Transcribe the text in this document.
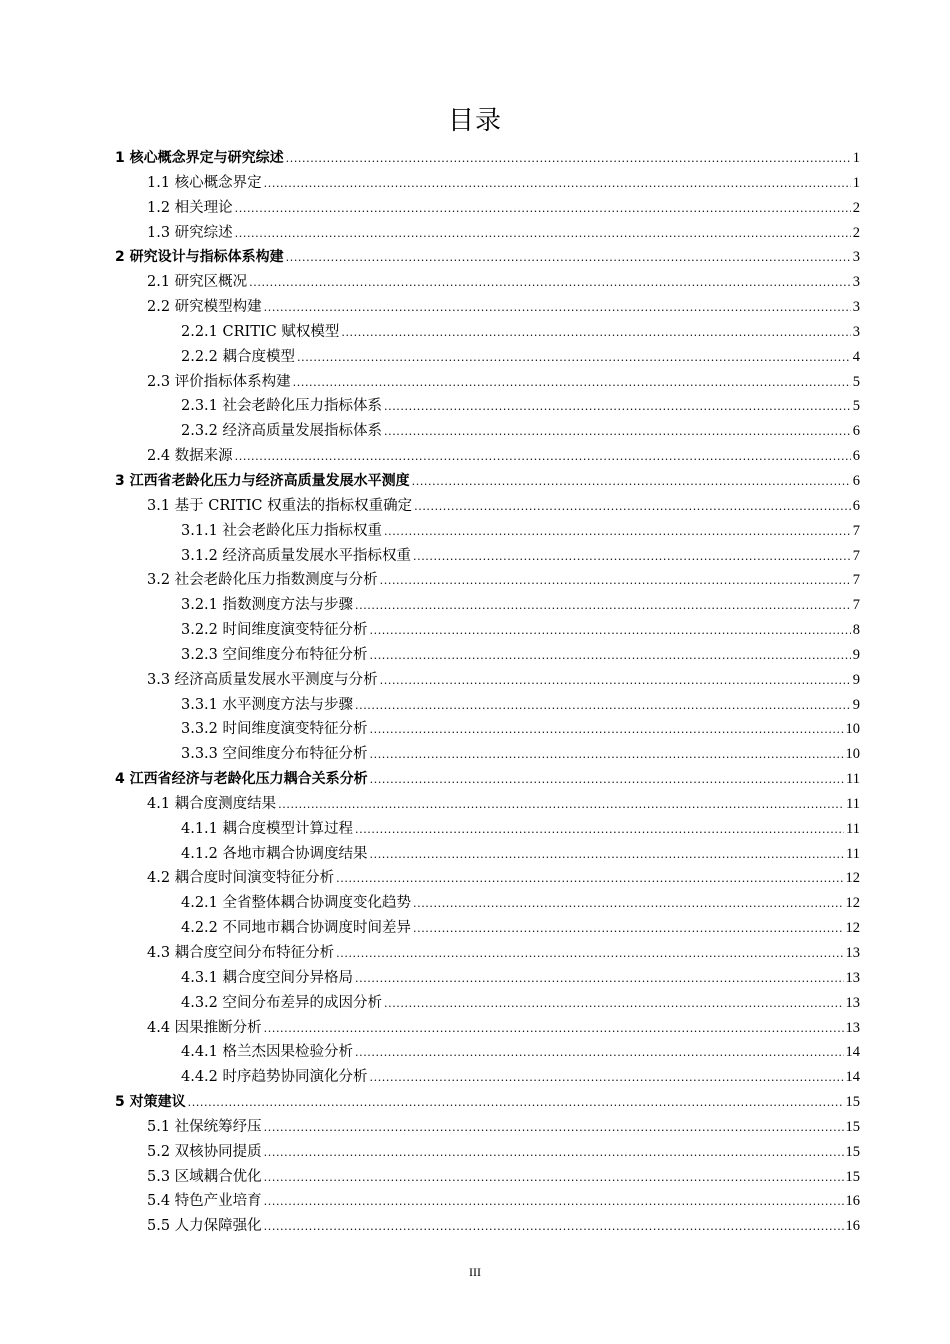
目录
1 核心概念界定与研究综述 .....	1
1.1 核心概念界定 .....	1
1.2 相关理论 .....	2
1.3 研究综述 .....	2
2 研究设计与指标体系构建 .....	3
2.1 研究区概况 .....	3
2.2 研究模型构建 .....	3
2.2.1 CRITIC 赋权模型 .....	3
2.2.2 耦合度模型 .....	4
2.3 评价指标体系构建 .....	5
2.3.1 社会老龄化压力指标体系 .....	5
2.3.2 经济高质量发展指标体系 .....	6
2.4 数据来源 .....	6
3 江西省老龄化压力与经济高质量发展水平测度 .....	6
3.1 基于 CRITIC 权重法的指标权重确定 .....	6
3.1.1 社会老龄化压力指标权重 .....	7
3.1.2 经济高质量发展水平指标权重 .....	7
3.2 社会老龄化压力指数测度与分析 .....	7
3.2.1 指数测度方法与步骤 .....	7
3.2.2 时间维度演变特征分析 .....	8
3.2.3 空间维度分布特征分析 .....	9
3.3 经济高质量发展水平测度与分析 .....	9
3.3.1 水平测度方法与步骤 .....	9
3.3.2 时间维度演变特征分析 .....	10
3.3.3 空间维度分布特征分析 .....	10
4 江西省经济与老龄化压力耦合关系分析 .....	11
4.1 耦合度测度结果 .....	11
4.1.1 耦合度模型计算过程 .....	11
4.1.2 各地市耦合协调度结果 .....	11
4.2 耦合度时间演变特征分析 .....	12
4.2.1 全省整体耦合协调度变化趋势 .....	12
4.2.2 不同地市耦合协调度时间差异 .....	12
4.3 耦合度空间分布特征分析 .....	13
4.3.1 耦合度空间分异格局 .....	13
4.3.2 空间分布差异的成因分析 .....	13
4.4 因果推断分析 .....	13
4.4.1 格兰杰因果检验分析 .....	14
4.4.2 时序趋势协同演化分析 .....	14
5 对策建议 .....	15
5.1 社保统筹纾压 .....	15
5.2 双核协同提质 .....	15
5.3 区域耦合优化 .....	15
5.4 特色产业培育 .....	16
5.5 人力保障强化 .....	16
III
